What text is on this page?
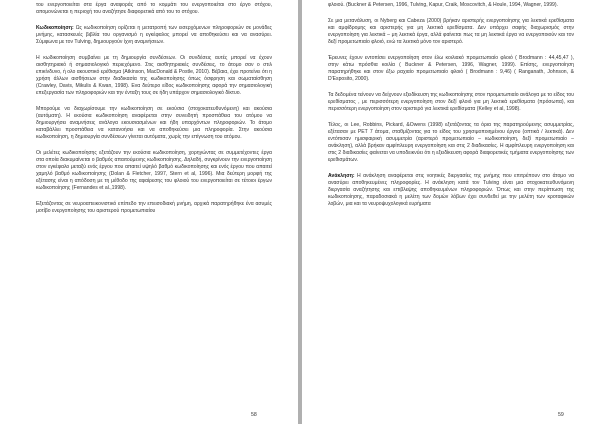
του ενεργοποιείται στα έργα αναφοράς από το κομμάτι του ενεργοποιείται στο έργο στόχου, απομονώνεται η περιοχή του αναζήτησε διαφορετικά από του το στόχου.

Κωδικοποίηση: Ως κωδικοποίηση ορίζεται η μετατροπή των εισερχόμενων πληροφοριών σε μονάδες μνήμης, κατασκευές βιβλία του οργανισμό η εγκέφαλος μπορεί να αποθηκεύσει και να ανασύρει. Σύμφωνα με τον Tulving, δημιουργούν ίχνη αναμνήσεων.

Η κωδικοποίηση συμβαίνει με τη δημιουργία συνδέσεων. Οι συνδέσεις αυτές μπορεί να έχουν αισθητηριακό ή σημασιολογικό περιεχόμενο. Στις αισθητηριακές συνδέσεις, το άτομο σαν ο στιλ επικίνδυνο, ή ολο ακουστικό ερέθισμα (Atkinson, MacDonald & Postle, 2010). Βέβαια, έχει προτείνει ότι η χρήση άλλων αισθήσεων στην διαδικασία της κωδικοποίησης όπως όσφρηση και σωματαίσθηση (Crawley, Davis, Mikulis & Kwan, 1998). Ενα δεύτερο είδος κωδικοποίησης αφορά την σημασιολογική επεξεργασία των πληροφοριών και την ένταξη τους σε ήδη υπάρχον σημασιολογικό δίκτυο.

Μπορούμε να διαχωρίσουμε την κωδικοποίηση σε εκούσια (στοχοκατευθυνόμενη) και ακούσια (αυτόματη). Η εκούσια κωδικοποίηση αναφέρεται στην συνειδητή προσπάθεια του ατόμου να δημιουργήσει αναμνήσεις ανάλογα εκουσιασμένων και ήδη υπαρχόντων πληροφοριών. Το άτομο καταβάλλει προσπάθεια να κατανοήσει και να αποθηκεύσει μια πληροφορία. Στην ακούσια κωδικοποίηση, η δημιουργία συνδέσεων γίνεται αυτόματα, χωρίς την επίγνωση του ατόμου.

Οι μελέτες κωδικοποίησης εξετάζουν την εκούσια κωδικοποίηση, χορηγώντας σε συμμετέχοντες έργα στα οποία διακυμαίνεται ο βαθμός απαιτούμενης κωδικοποίησης. Δηλαδή, συγκρίνουν την ενεργοποίηση στον εγκέφαλο μεταξύ ενός έργου που απαιτεί υψηλό βαθμό κωδικοποίησης και ενός έργου που απαιτεί χαμηλό βαθμό κωδικοποίησης (Dolan & Fletcher, 1997, Stern et al, 1996). Μια δεύτερη μορφή της εξέτασης είναι η απόδοση με τη μέθοδο της αφαίρεσης του φλοιού του ενεργοποιείται σε τέτοιοι έργων κωδικοποίησης (Fernandes et al.,1998).

Εξετάζοντας σε νευροαπεικονιστικό επίπεδο την επεισοδιακή μνήμη, αρχικά παρατηρήθηκε ένα ασυμές μοτίβο ενεργοποίησης του αριστερού προμετωπιαίου

58

φλοιού. (Buckner & Petersen, 1996, Tulving, Kapur, Craik, Moscovitch, & Houle, 1994, Wagner, 1999).

Σε μια μετανάλυση, οι Nyberg και Cabeza (2000) βρήκαν αριστερής ενεργοποίησης για λεκτικά ερεθίσματα και αμφίδρομης και αριστερής για μη λεκτικά ερεθίσματα. Δεν υπάρχει σαφής διαχωρισμός στην ενεργοποίηση για λεκτικά – μη λεκτικά έργα, αλλά φαίνεται πως τα μη λεκτικά έργα να ενεργοποιούν και τον δεξί προμετωπιαίο φλοιό, ενώ τα λεκτικά μόνο τον αριστερό.

Έρευνες έχουν εντοπίσει ενεργοποίηση στον έλω κοιλιακό προμετωπιαίο φλοιό ( Brodmann : 44,45,47 ), στην κάτω πρόσθια κοιλία ( Buckner & Petersen, 1996, Wagner, 1999). Επίσης, ενεργοποίηση παρατηρήθηκε και στον έξω ραχιαίο προμετωπιαίο φλοιό ( Brodmann : 9,46) ( Ranganath, Johnson, & D'Esposito, 2000).

Τα δεδομένα τείνουν να δείχνουν εξειδίκευση της κωδικοποίησης στον προμετωπιαίο ανάλογα με το είδος του ερεθίσματος , με περισσότερη ενεργοποίηση στον δεξί φλοιό για μη λεκτικά ερεθίσματα (πρόσωπα), και περισσότερη ενεργοποίηση στον αριστερό για λεκτικά ερεθίσματα (Kelley et al, 1998).

Τέλος, οι Lee, Robbins, Pickard, &Owens (1998) εξετάζοντας τα όρια της παρατηρούμενης ασυμμετρίας, εξέτασαν με PET 7 άτομα, σταθμίζοντας για το είδος του χρησιμοποιημένου έργου (οπτικά / λεκτικά). Δεν εντόπισαν ημισφαιρική ασυμμετρία (αριστερό προμετωπιαίο – κωδικοποίηση, δεξί προμετωπιαίο – ανάκληση), αλλά βρήκαν αμφίπλευρη ενεργοποίηση και στις 2 διαδικασίες. Η αμφίπλευρη ενεργοποίηση και στις 2 διαδικασίες φαίνεται να υποδεικνύει ότι η εξειδίκευση αφορά διαφορετικές τμήματα ενεργοποίησης των ερεθισμάτων.

Ανάκληση: Η ανάκληση αναφέρεται στις νοητικές διεργασίες της μνήμης που επιτρέπουν στο άτομο να ανασύρει αποθηκευμένες πληροφορίες. Η ανάκληση κατά τον Tulving είναι μια στοχοκατευθυνόμενη διεργασία αναζήτησης και επιβλεψης αποθηκευμένων πληροφοριών. Όπως και στην περίπτωση της κωδικοποίησης, παραδοσιακά η μελέτη των δομών λόβων έχει συνδεθεί με την μελέτη των κροταφικών λοβών, μια και τα νευροψυχολογικά ευρήματα

59
